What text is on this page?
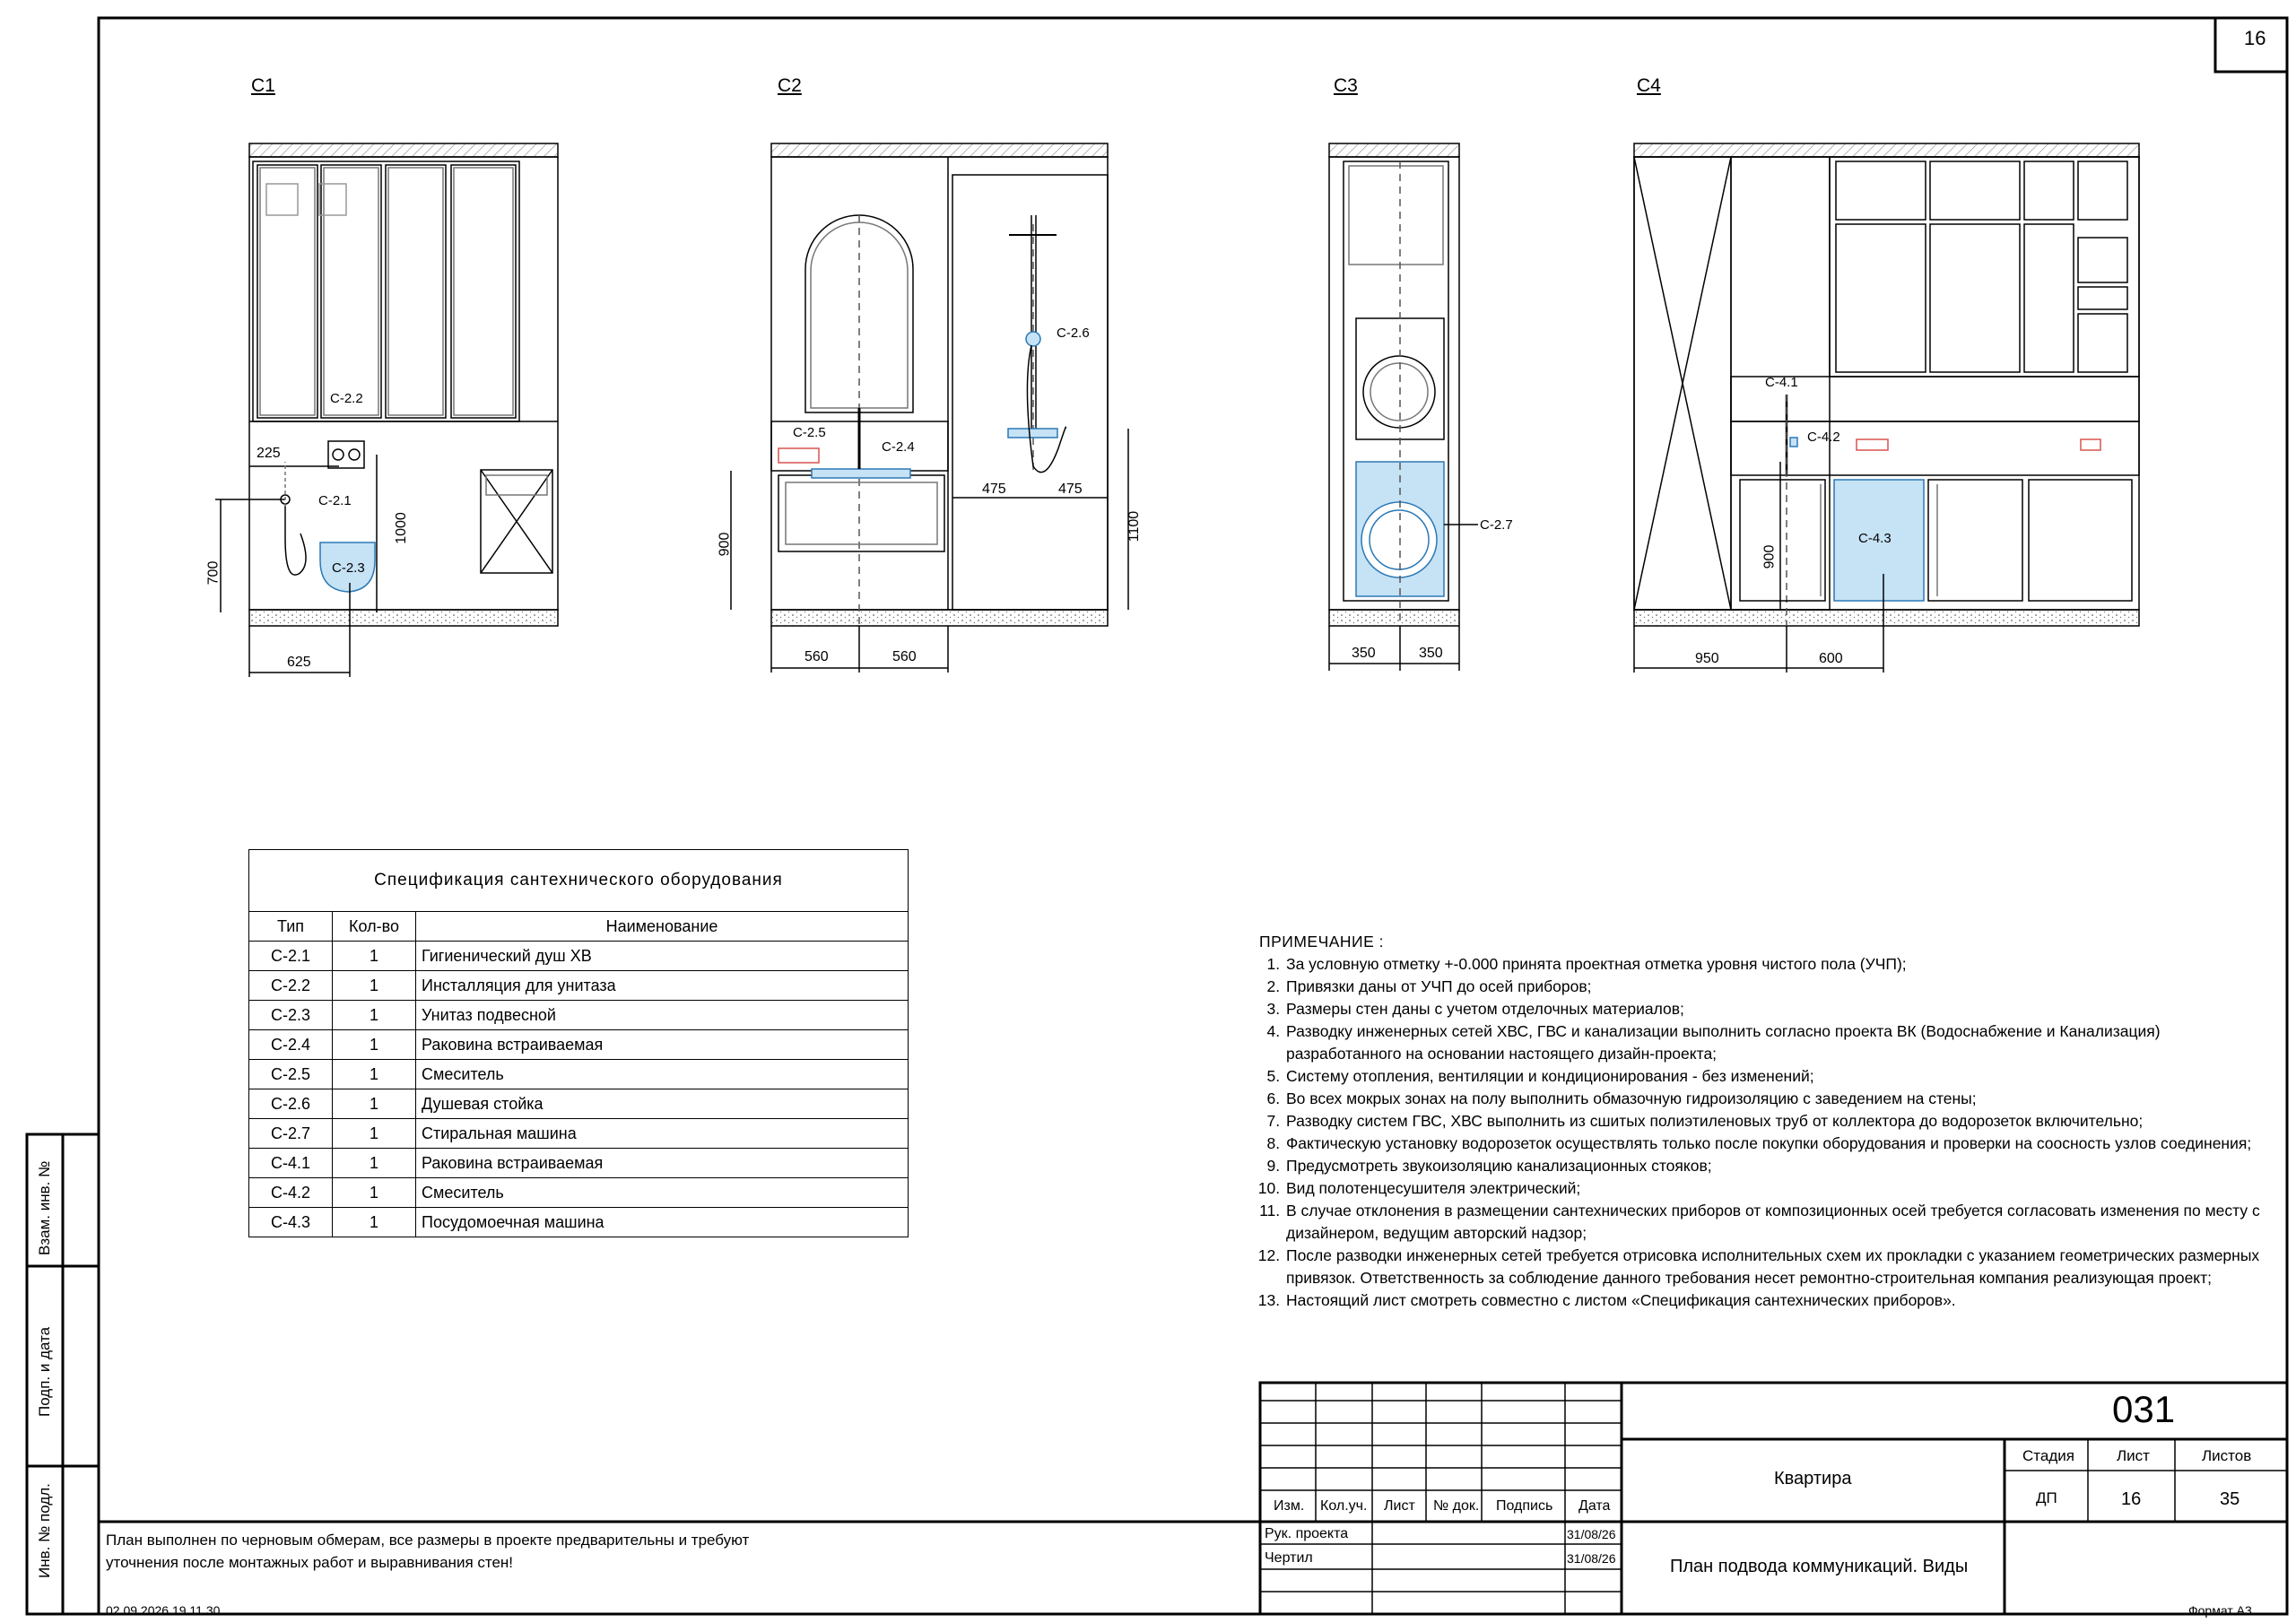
16
С1	С2	С3	С4
С-2.2
С-2.1
С-2.3
С-2.5
С-2.4
С-2.6
С-2.7
С-4.1
С-4.2
С-4.3
225
700
1000
625
900
560	560
475	475
1100
350	350
900
950	600
Спецификация сантехнического оборудования		
Тип	Кол-во	Наименование
С-2.1	1	Гигиенический душ ХВ
С-2.2	1	Инсталляция для унитаза
С-2.3	1	Унитаз подвесной
С-2.4	1	Раковина встраиваемая
С-2.5	1	Смеситель
С-2.6	1	Душевая стойка
С-2.7	1	Стиральная машина
С-4.1	1	Раковина встраиваемая
С-4.2	1	Смеситель
С-4.3	1	Посудомоечная машина
ПРИМЕЧАНИЕ :
1. За условную отметку +-0.000 принята проектная отметка уровня чистого пола (УЧП);
2. Привязки даны от УЧП до осей приборов;
3. Размеры стен даны с учетом отделочных материалов;
4. Разводку инженерных сетей ХВС, ГВС и канализации выполнить согласно проекта ВК (Водоснабжение и Канализация) разработанного на основании настоящего дизайн-проекта;
5. Систему отопления, вентиляции и кондиционирования - без изменений;
6. Во всех мокрых зонах на полу выполнить обмазочную гидроизоляцию с заведением на стены;
7. Разводку систем ГВС, ХВС выполнить из сшитых полиэтиленовых труб от коллектора до водорозеток включительно;
8. Фактическую установку водорозеток осуществлять только после покупки оборудования и проверки на соосность узлов соединения;
9. Предусмотреть звукоизоляцию канализационных стояков;
10. Вид полотенцесушителя электрический;
11. В случае отклонения в размещении сантехнических приборов от композиционных осей требуется согласовать изменения по месту с дизайнером, ведущим авторский надзор;
12. После разводки инженерных сетей требуется отрисовка исполнительных схем их прокладки с указанием геометрических размерных привязок. Ответственность за соблюдение данного требования несет ремонтно-строительная компания реализующая проект;
13. Настоящий лист смотреть совместно с листом «Спецификация сантехнических приборов».
План выполнен по черновым обмерам, все размеры в проекте предварительны и требуют
уточнения после монтажных работ и выравнивания стен!
02.09.2026 19.11.30	Формат А3
Взам. инв. №
Подп. и дата
Инв. № подл.
031
Квартира
План подвода коммуникаций. Виды
Стадия	Лист	Листов
ДП	16	35
Изм. Кол.уч. Лист № док. Подпись Дата
Рук. проекта	31/08/26
Чертил	31/08/26
